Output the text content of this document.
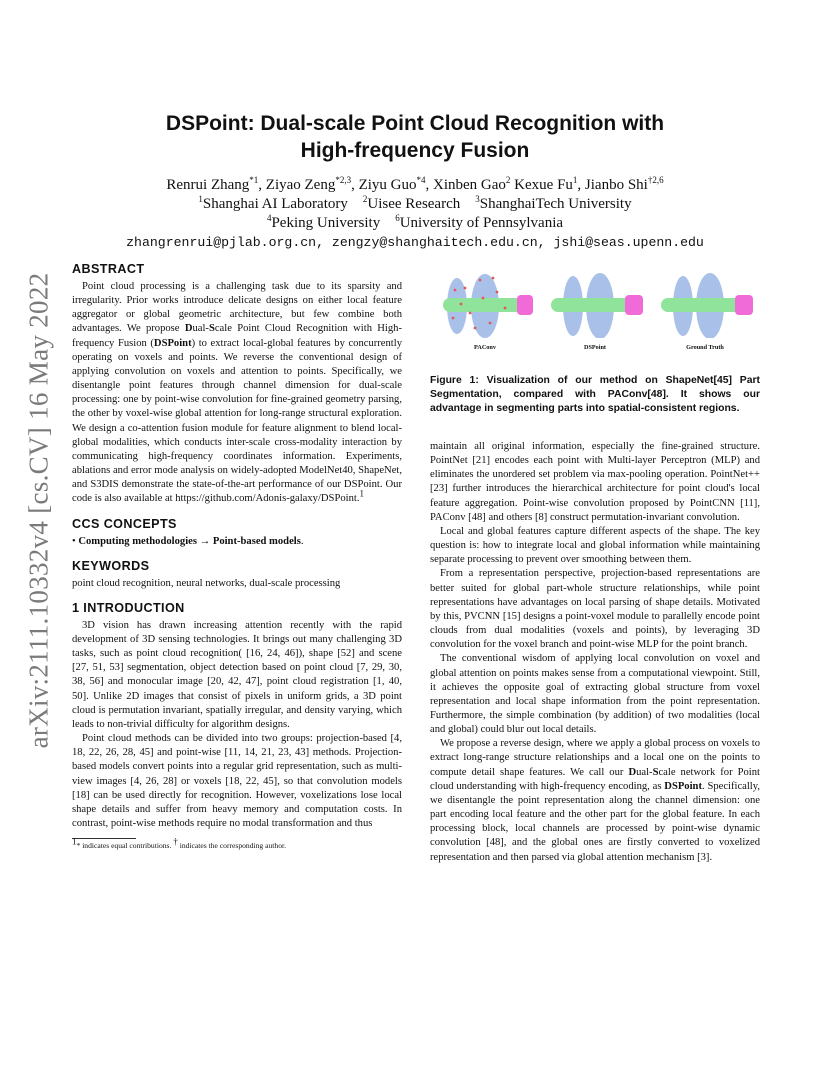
arXiv:2111.10332v4 [cs.CV] 16 May 2022
DSPoint: Dual-scale Point Cloud Recognition with
High-frequency Fusion
Renrui Zhang$^{*1}$, Ziyao Zeng$^{*2,3}$, Ziyu Guo$^{*4}$, Xinben Gao$^2$ Kexue Fu$^1$, Jianbo Shi$^{\dagger 2,6}$
$^1$Shanghai AI Laboratory    $^2$Uisee Research    $^3$ShanghaiTech University
$^4$Peking University    $^6$University of Pennsylvania
zhangrenrui@pjlab.org.cn, zengzy@shanghaitech.edu.cn, jshi@seas.upenn.edu
ABSTRACT

Point cloud processing is a challenging task due to its sparsity and irregularity. Prior works introduce delicate designs on either local feature aggregator or global geometric architecture, but few combine both advantages. We propose Dual-Scale Point Cloud Recognition with High-frequency Fusion (DSPoint) to extract local-global features by concurrently operating on voxels and points. We reverse the conventional design of applying convolution on voxels and attention to points. Specifically, we disentangle point features through channel dimension for dual-scale processing: one by point-wise convolution for fine-grained geometry parsing, the other by voxel-wise global attention for long-range structural exploration. We design a co-attention fusion module for feature alignment to blend local-global modalities, which conducts inter-scale cross-modality interaction by communicating high-frequency coordinates information. Experiments, ablations and error mode analysis on widely-adopted ModelNet40, ShapeNet, and S3DIS demonstrate the state-of-the-art performance of our DSPoint. Our code is also available at https://github.com/Adonis-galaxy/DSPoint.$^1$

CCS CONCEPTS

• Computing methodologies → Point-based models.

KEYWORDS

point cloud recognition, neural networks, dual-scale processing

1 INTRODUCTION

3D vision has drawn increasing attention recently with the rapid development of 3D sensing technologies. It brings out many challenging 3D tasks, such as point cloud recognition( [16, 24, 46]), shape [52] and scene [27, 51, 53] segmentation, object detection based on point cloud [7, 29, 30, 38, 56] and monocular image [20, 42, 47], point cloud registration [1, 40, 50]. Unlike 2D images that consist of pixels in uniform grids, a 3D point cloud is permutation invariant, spatially irregular, and density varying, which leads to non-trivial difficulty for algorithm designs.

Point cloud methods can be divided into two groups: projection-based [4, 18, 22, 26, 28, 45] and point-wise [11, 14, 21, 23, 43] methods. Projection-based models convert points into a regular grid representation, such as multi-view images [4, 26, 28] or voxels [18, 22, 45], so that convolution models [18] can be used directly for recognition. However, voxelizations lose local shape details and suffer from heavy memory and computation costs. In contrast, point-wise methods require no modal transformation and thus

$^1$* indicates equal contributions. † indicates the corresponding author.
PAConv	DSPoint	Ground Truth
Figure 1: Visualization of our method on ShapeNet[45] Part Segmentation, compared with PAConv[48]. It shows our advantage in segmenting parts into spatial-consistent regions.

maintain all original information, especially the fine-grained structure. PointNet [21] encodes each point with Multi-layer Perceptron (MLP) and eliminates the unordered set problem via max-pooling operation. PointNet++ [23] further introduces the hierarchical architecture for point cloud's local feature aggregation. Point-wise convolution proposed by PointCNN [11], PAConv [48] and others [8] construct permutation-invariant convolution.

Local and global features capture different aspects of the shape. The key question is: how to integrate local and global information while maintaining separate processing to prevent over smoothing between them.

From a representation perspective, projection-based representations are better suited for global part-whole structure relationships, while point representations have advantages on local parsing of shape details. Motivated by this, PVCNN [15] designs a point-voxel module to parallelly encode point clouds from dual modalities (voxels and points), by leveraging 3D convolution for the voxel branch and point-wise MLP for the point branch.

The conventional wisdom of applying local convolution on voxel and global attention on points makes sense from a computational viewpoint. Still, it achieves the opposite goal of extracting global structure from voxel representation and local shape information from the point representation. Furthermore, the simple combination (by addition) of two modalities (local and global) could blur out local details.

We propose a reverse design, where we apply a global process on voxels to extract long-range structure relationships and a local one on the points to compute detail shape features. We call our Dual-Scale network for Point cloud understanding with high-frequency encoding, as DSPoint. Specifically, we disentangle the point representation along the channel dimension: one part encoding local feature and the other part for the global feature. In each processing block, local channels are processed by point-wise dynamic convolution [48], and the global ones are firstly converted to voxelized representation and then parsed via global attention mechanism [3].
